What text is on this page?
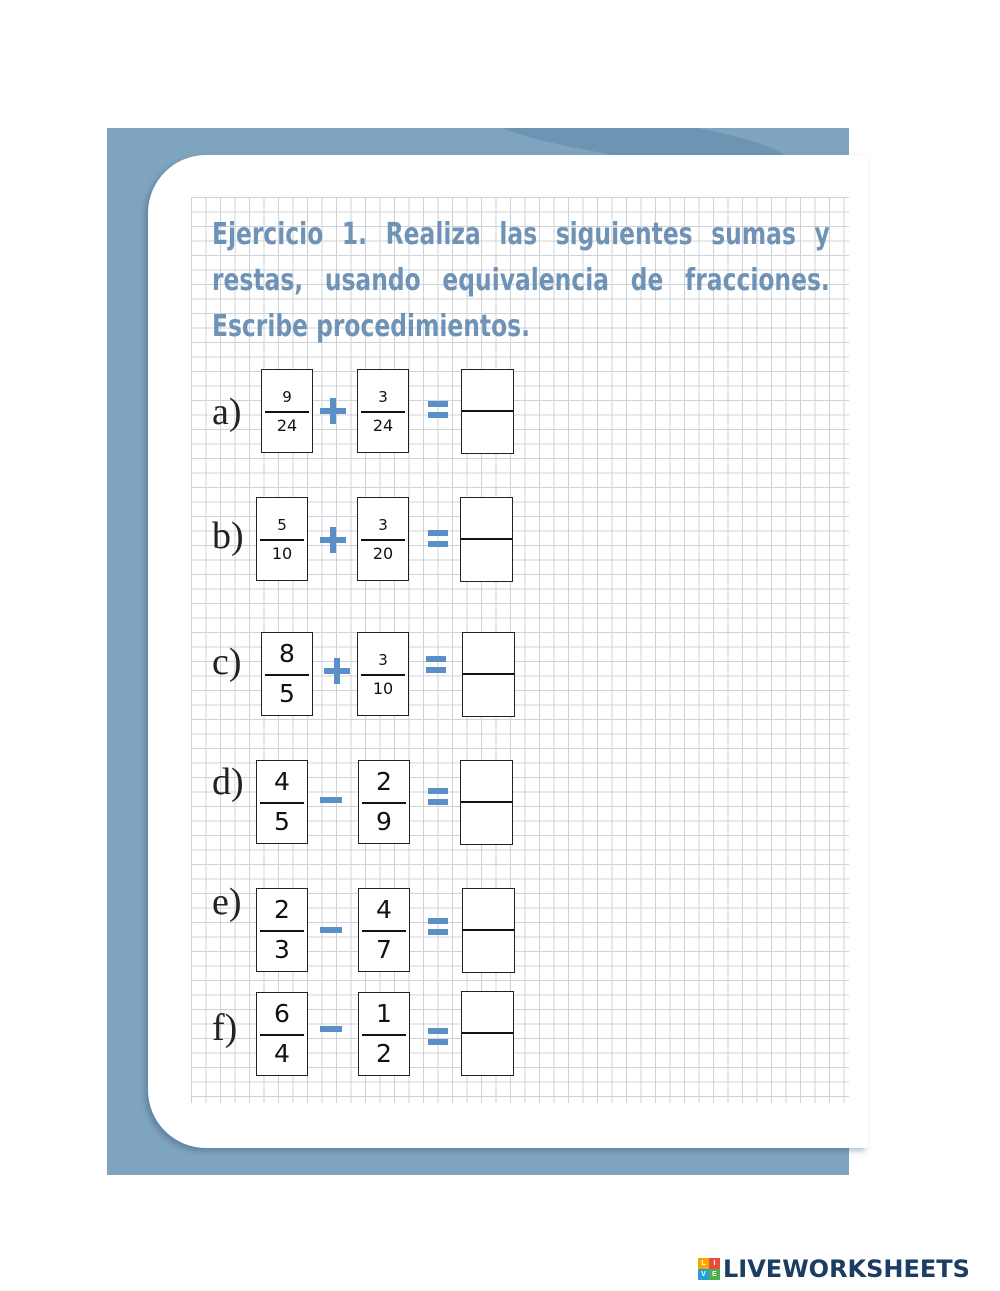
Ejercicio 1. Realiza las siguientes sumas y restas, usando equivalencia de fracciones. Escribe procedimientos.
a)	9
24
3
24
b)	5
10
3
20
c)	8
5
3
10
d)	4
5
2
9
e)	2
3
4
7
f)	6
4
1
2
L	I
V E LIVEWORKSHEETS
